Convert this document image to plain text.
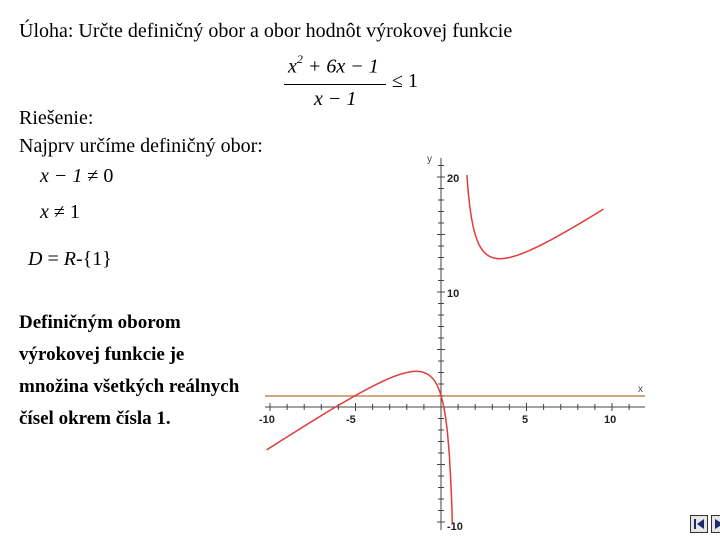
Úloha: Určte definičný obor a obor hodnôt výrokovej funkcie
$x^2 + 6x - 1$
x − 1
≤ 1
Riešenie:
Najprv určíme definičný obor:
x − 1 ≠ 0
x ≠ 1
D = R-{1}
Definičným oborom výrokovej funkcie je množina všetkých reálnych čísel okrem čísla 1.
x
y
-10	-5	5	10
20
10
-10
